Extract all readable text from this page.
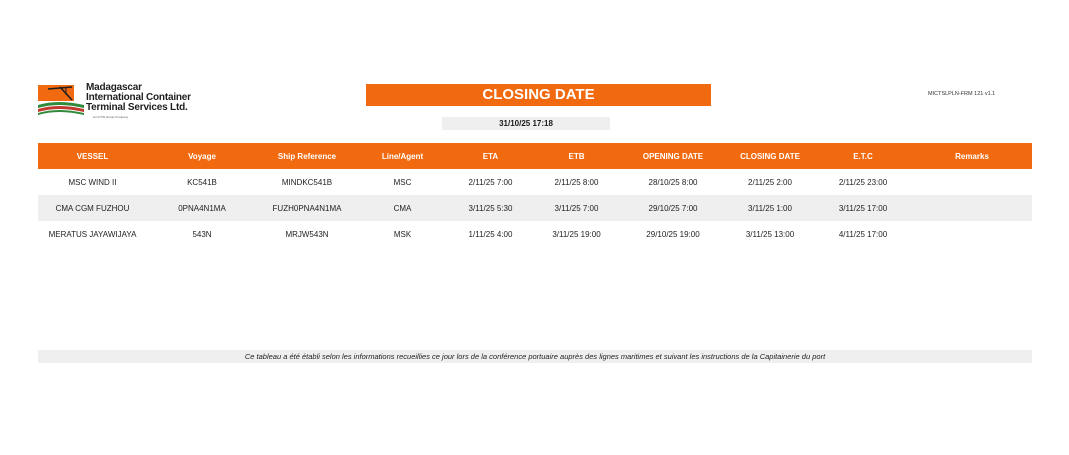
Madagascar
International Container
Terminal Services Ltd.
An ICTSI Group Company
CLOSING DATE
31/10/25 17:18
MICTSLPLN-FRM 121 v1.1
VESSEL	Voyage	Ship Reference	Line/Agent	ETA	ETB	OPENING DATE	CLOSING DATE	E.T.C	Remarks
MSC WIND II	KC541B	MINDKC541B	MSC	2/11/25 7:00	2/11/25 8:00	28/10/25 8:00	2/11/25 2:00	2/11/25 23:00	
CMA CGM FUZHOU	0PNA4N1MA	FUZH0PNA4N1MA	CMA	3/11/25 5:30	3/11/25 7:00	29/10/25 7:00	3/11/25 1:00	3/11/25 17:00	
MERATUS JAYAWIJAYA	543N	MRJW543N	MSK	1/11/25 4:00	3/11/25 19:00	29/10/25 19:00	3/11/25 13:00	4/11/25 17:00	
Ce tableau a été établi selon les informations recueillies ce jour lors de la conférence portuaire auprès des lignes maritimes et suivant les instructions de la Capitainerie du port
